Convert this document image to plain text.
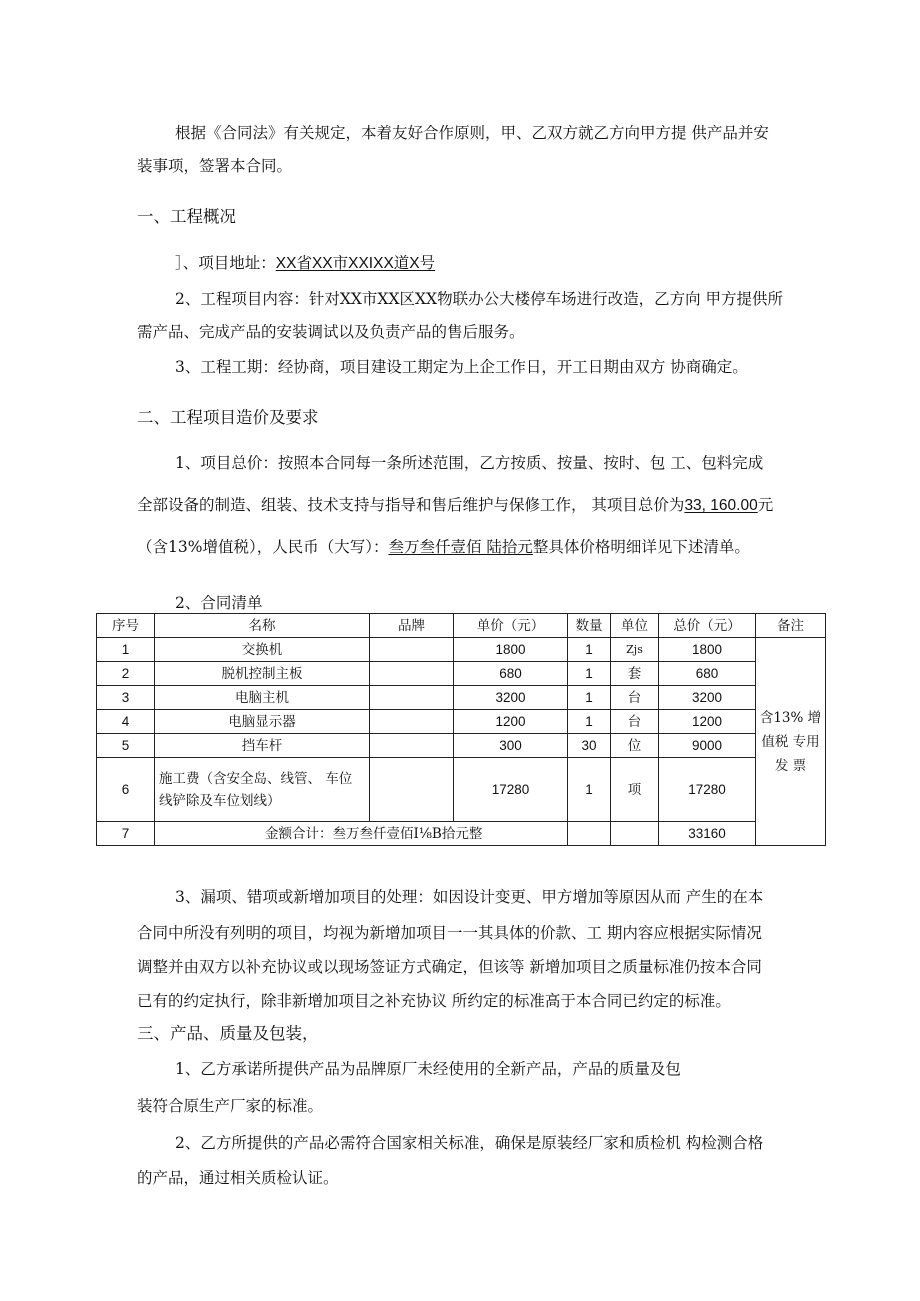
根据《合同法》有关规定，本着友好合作原则，甲、乙双方就乙方向甲方提 供产品并安
装事项，签署本合同。
一、工程概况
］、项目地址：XX省XX市XXIXX道X号
2、工程项目内容：针对XX市XX区XX物联办公大楼停车场进行改造，乙方向 甲方提供所
需产品、完成产品的安装调试以及负责产品的售后服务。
3、工程工期：经协商，项目建设工期定为上企工作日，开工日期由双方 协商确定。
二、工程项目造价及要求
1、项目总价：按照本合同每一条所述范围，乙方按质、按量、按时、包 工、包料完成
全部设备的制造、组装、技术支持与指导和售后维护与保修工作， 其项目总价为33, 160.00元
（含13%增值税），人民币（大写）：叁万叁仟壹佰 陆拾元整具体价格明细详见下述清单。
2、合同清单
序号	名称	品牌	单价（元）	数量	单位	总价（元）	备注
1	交换机		1800	1	Zjs	1800	含13% 增值税 专用发 票
2	脱机控制主板		680	1	套	680	
3	电脑主机		3200	1	台	3200	
4	电脑显示器		1200	1	台	1200	
5	挡车杆		300	30	位	9000	
6	施工费（含安全岛、线管、 车位线铲除及车位划线）		17280	1	项	17280	
7	金额合计：叁万叁仟壹佰I⅛B拾元整					33160	
3、漏项、错项或新增加项目的处理：如因设计变更、甲方增加等原因从而 产生的在本
合同中所没有列明的项目，均视为新增加项目一一其具体的价款、工 期内容应根据实际情况
调整并由双方以补充协议或以现场签证方式确定，但该等 新增加项目之质量标准仍按本合同
已有的约定执行，除非新增加项目之补充协议 所约定的标准高于本合同已约定的标准。
三、产品、质量及包装，
1、乙方承诺所提供产品为品牌原厂未经使用的全新产品，产品的质量及包
装符合原生产厂家的标准。
2、乙方所提供的产品必需符合国家相关标准，确保是原装经厂家和质检机 构检测合格
的产品，通过相关质检认证。
